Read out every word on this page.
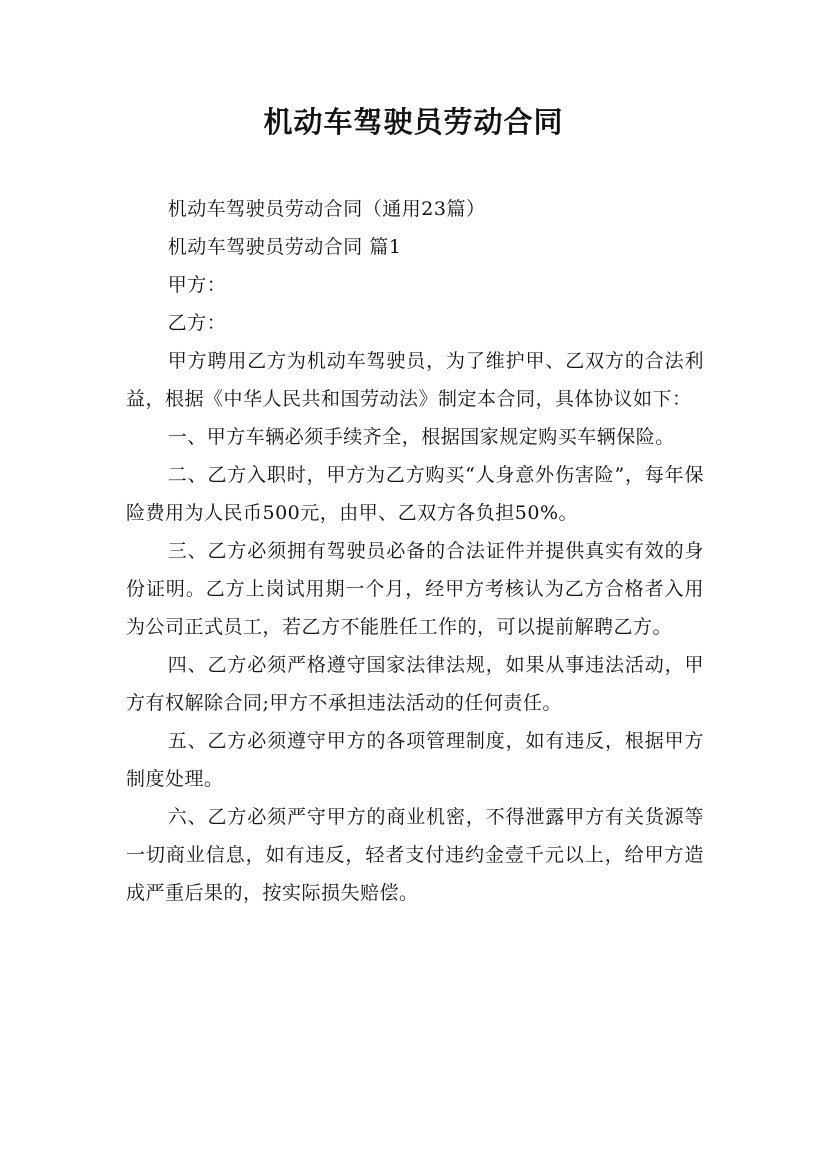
机动车驾驶员劳动合同

机动车驾驶员劳动合同（通用23篇）

机动车驾驶员劳动合同 篇1

甲方：

乙方：

甲方聘用乙方为机动车驾驶员，为了维护甲、乙双方的合法利益，根据《中华人民共和国劳动法》制定本合同，具体协议如下：

一、甲方车辆必须手续齐全，根据国家规定购买车辆保险。

二、乙方入职时，甲方为乙方购买“人身意外伤害险”，每年保险费用为人民币500元，由甲、乙双方各负担50%。

三、乙方必须拥有驾驶员必备的合法证件并提供真实有效的身份证明。乙方上岗试用期一个月，经甲方考核认为乙方合格者入用为公司正式员工，若乙方不能胜任工作的，可以提前解聘乙方。

四、乙方必须严格遵守国家法律法规，如果从事违法活动，甲方有权解除合同;甲方不承担违法活动的任何责任。

五、乙方必须遵守甲方的各项管理制度，如有违反，根据甲方制度处理。

六、乙方必须严守甲方的商业机密，不得泄露甲方有关货源等一切商业信息，如有违反，轻者支付违约金壹千元以上，给甲方造成严重后果的，按实际损失赔偿。
